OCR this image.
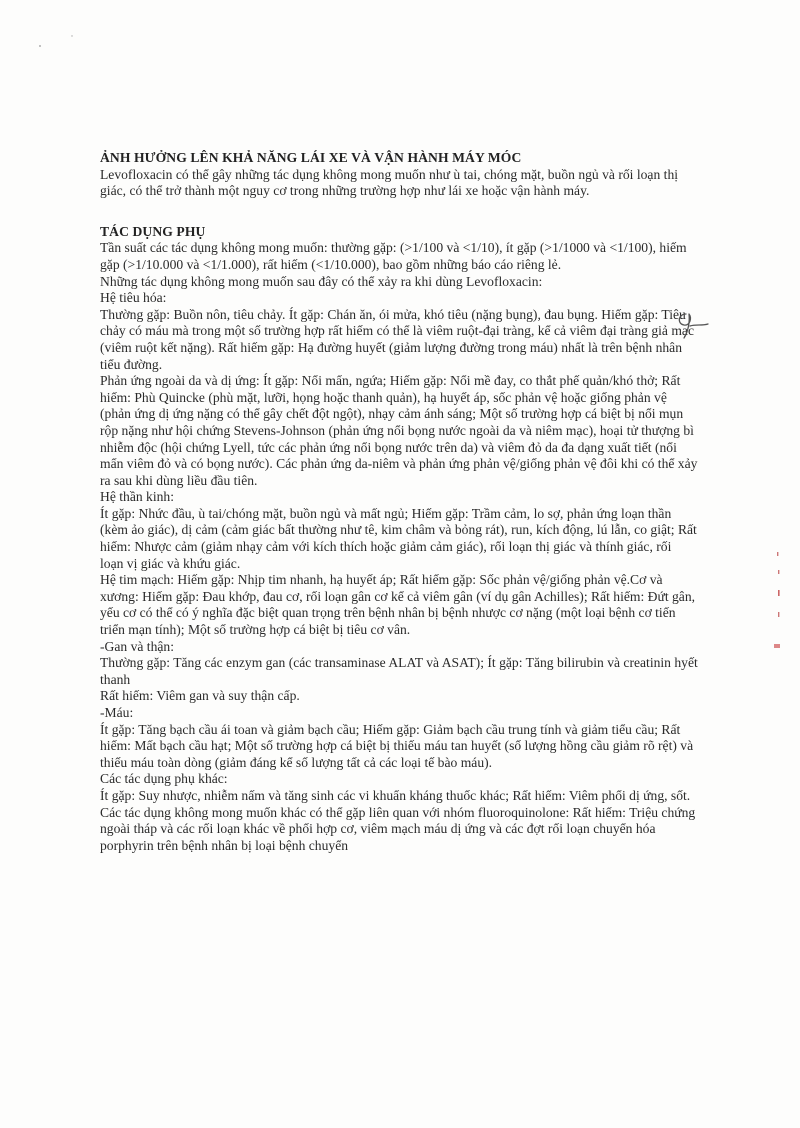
ẢNH HƯỞNG LÊN KHẢ NĂNG LÁI XE VÀ VẬN HÀNH MÁY MÓC

Levofloxacin có thể gây những tác dụng không mong muốn như ù tai, chóng mặt, buồn ngủ và rối loạn thị giác, có thể trở thành một nguy cơ trong những trường hợp như lái xe hoặc vận hành máy.

TÁC DỤNG PHỤ

Tần suất các tác dụng không mong muốn: thường gặp: (>1/100 và <1/10), ít gặp (>1/1000 và <1/100), hiếm gặp (>1/10.000 và <1/1.000), rất hiếm (<1/10.000), bao gồm những báo cáo riêng lẻ.

Những tác dụng không mong muốn sau đây có thể xảy ra khi dùng Levofloxacin:

Hệ tiêu hóa:

Thường gặp: Buồn nôn, tiêu chảy. Ít gặp: Chán ăn, ói mửa, khó tiêu (nặng bụng), đau bụng. Hiếm gặp: Tiêu chảy có máu mà trong một số trường hợp rất hiếm có thể là viêm ruột-đại tràng, kể cả viêm đại tràng giả mạc (viêm ruột kết nặng). Rất hiếm gặp: Hạ đường huyết (giảm lượng đường trong máu) nhất là trên bệnh nhân tiểu đường.

Phản ứng ngoài da và dị ứng: Ít gặp: Nổi mẩn, ngứa; Hiếm gặp: Nổi mề đay, co thắt phế quản/khó thở; Rất hiếm: Phù Quincke (phù mặt, lưỡi, họng hoặc thanh quản), hạ huyết áp, sốc phản vệ hoặc giống phản vệ (phản ứng dị ứng nặng có thể gây chết đột ngột), nhạy cảm ánh sáng; Một số trường hợp cá biệt bị nổi mụn rộp nặng như hội chứng Stevens-Johnson (phản ứng nổi bọng nước ngoài da và niêm mạc), hoại tử thượng bì nhiễm độc (hội chứng Lyell, tức các phản ứng nổi bọng nước trên da) và viêm đỏ da đa dạng xuất tiết (nổi mẩn viêm đỏ và có bọng nước). Các phản ứng da-niêm và phản ứng phản vệ/giống phản vệ đôi khi có thể xảy ra sau khi dùng liều đầu tiên.

Hệ thần kinh:

Ít gặp: Nhức đầu, ù tai/chóng mặt, buồn ngủ và mất ngủ; Hiếm gặp: Trầm cảm, lo sợ, phản ứng loạn thần (kèm ảo giác), dị cảm (cảm giác bất thường như tê, kim châm và bỏng rát), run, kích động, lú lẫn, co giật; Rất hiếm: Nhược cảm (giảm nhạy cảm với kích thích hoặc giảm cảm giác), rối loạn thị giác và thính giác, rối loạn vị giác và khứu giác.

Hệ tim mạch: Hiếm gặp: Nhịp tim nhanh, hạ huyết áp; Rất hiếm gặp: Sốc phản vệ/giống phản vệ.Cơ và xương: Hiếm gặp: Đau khớp, đau cơ, rối loạn gân cơ kể cả viêm gân (ví dụ gân Achilles); Rất hiếm: Đứt gân, yếu cơ có thể có ý nghĩa đặc biệt quan trọng trên bệnh nhân bị bệnh nhược cơ nặng (một loại bệnh cơ tiến triển mạn tính); Một số trường hợp cá biệt bị tiêu cơ vân.

-Gan và thận:

Thường gặp: Tăng các enzym gan (các transaminase ALAT và ASAT); Ít gặp: Tăng bilirubin và creatinin hyết thanh

Rất hiếm: Viêm gan và suy thận cấp.

-Máu:

Ít gặp: Tăng bạch cầu ái toan và giảm bạch cầu; Hiếm gặp: Giảm bạch cầu trung tính và giảm tiểu cầu; Rất hiếm: Mất bạch cầu hạt; Một số trường hợp cá biệt bị thiếu máu tan huyết (số lượng hồng cầu giảm rõ rệt) và thiếu máu toàn dòng (giảm đáng kể số lượng tất cả các loại tế bào máu).

Các tác dụng phụ khác:

Ít gặp: Suy nhược, nhiễm nấm và tăng sinh các vi khuẩn kháng thuốc khác; Rất hiếm: Viêm phổi dị ứng, sốt. Các tác dụng không mong muốn khác có thể gặp liên quan với nhóm fluoroquinolone: Rất hiếm: Triệu chứng ngoài tháp và các rối loạn khác về phối hợp cơ, viêm mạch máu dị ứng và các đợt rối loạn chuyển hóa porphyrin trên bệnh nhân bị loại bệnh chuyển
